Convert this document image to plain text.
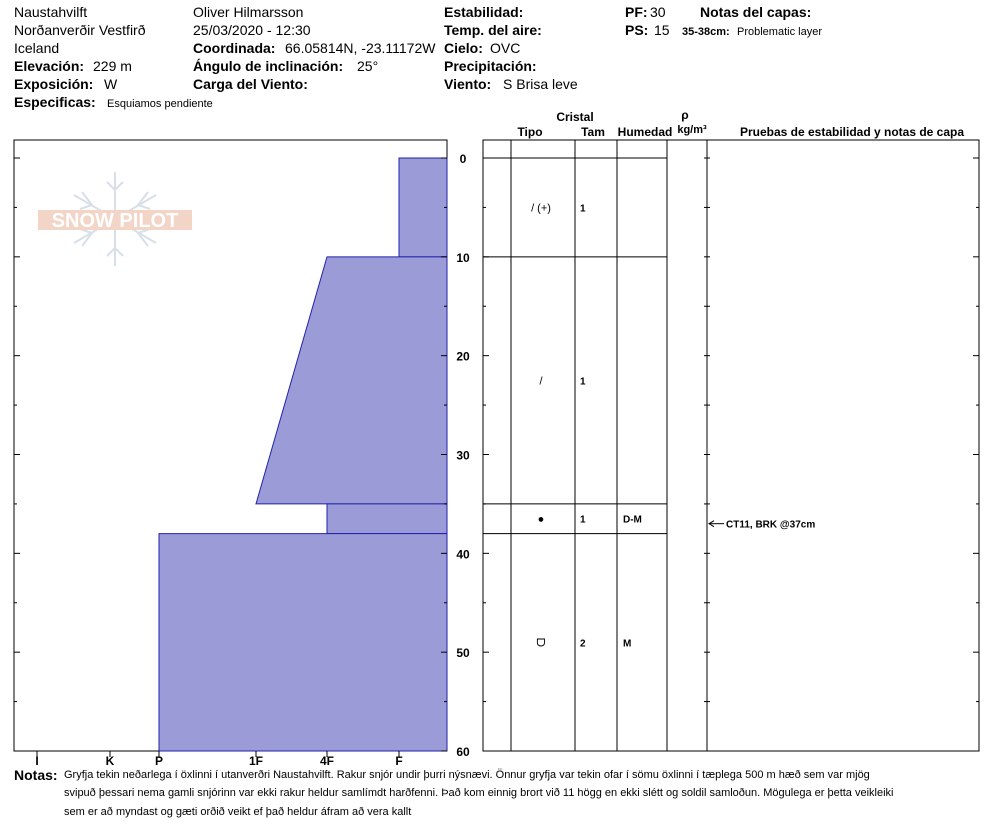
Naustahvilft
Norðanverðir Vestfirð
Iceland
Elevación: 229 m
Exposición: W
Especificas: Esquiamos pendiente
Oliver Hilmarsson
25/03/2020 - 12:30
Coordinada: 66.05814N, -23.11172W
Ángulo de inclinación: 25°
Carga del Viento:
Estabilidad:
Temp. del aire:
Cielo: OVC
Precipitación:
Viento: S Brisa leve
PF: 30
PS: 15
Notas del capas:
35-38cm: Problematic layer
SNOW PILOT
I	K	P	1F	4F	F
0
10
20
30
40
50
60
/ (+)	1
/	1
●	1	D-M
ᗜ	2	M
CT11, BRK @37cm
Cristal
Tipo	Tam Humedad
ρ
kg/m³	Pruebas de estabilidad y notas de capa
Notas: Gryfja tekin neðarlega í öxlinni í utanverðri Naustahvilft. Rakur snjór undir þurri nýsnævi. Önnur gryfja var tekin ofar í sömu öxlinni í tæplega 500 m hæð sem var mjög
svipuð þessari nema gamli snjórinn var ekki rakur heldur samlímdt harðfenni. Það kom einnig brort við 11 högg en ekki slétt og soldil samloðun. Mögulega er þetta veikleiki
sem er að myndast og gæti orðið veikt ef það heldur áfram að vera kallt
